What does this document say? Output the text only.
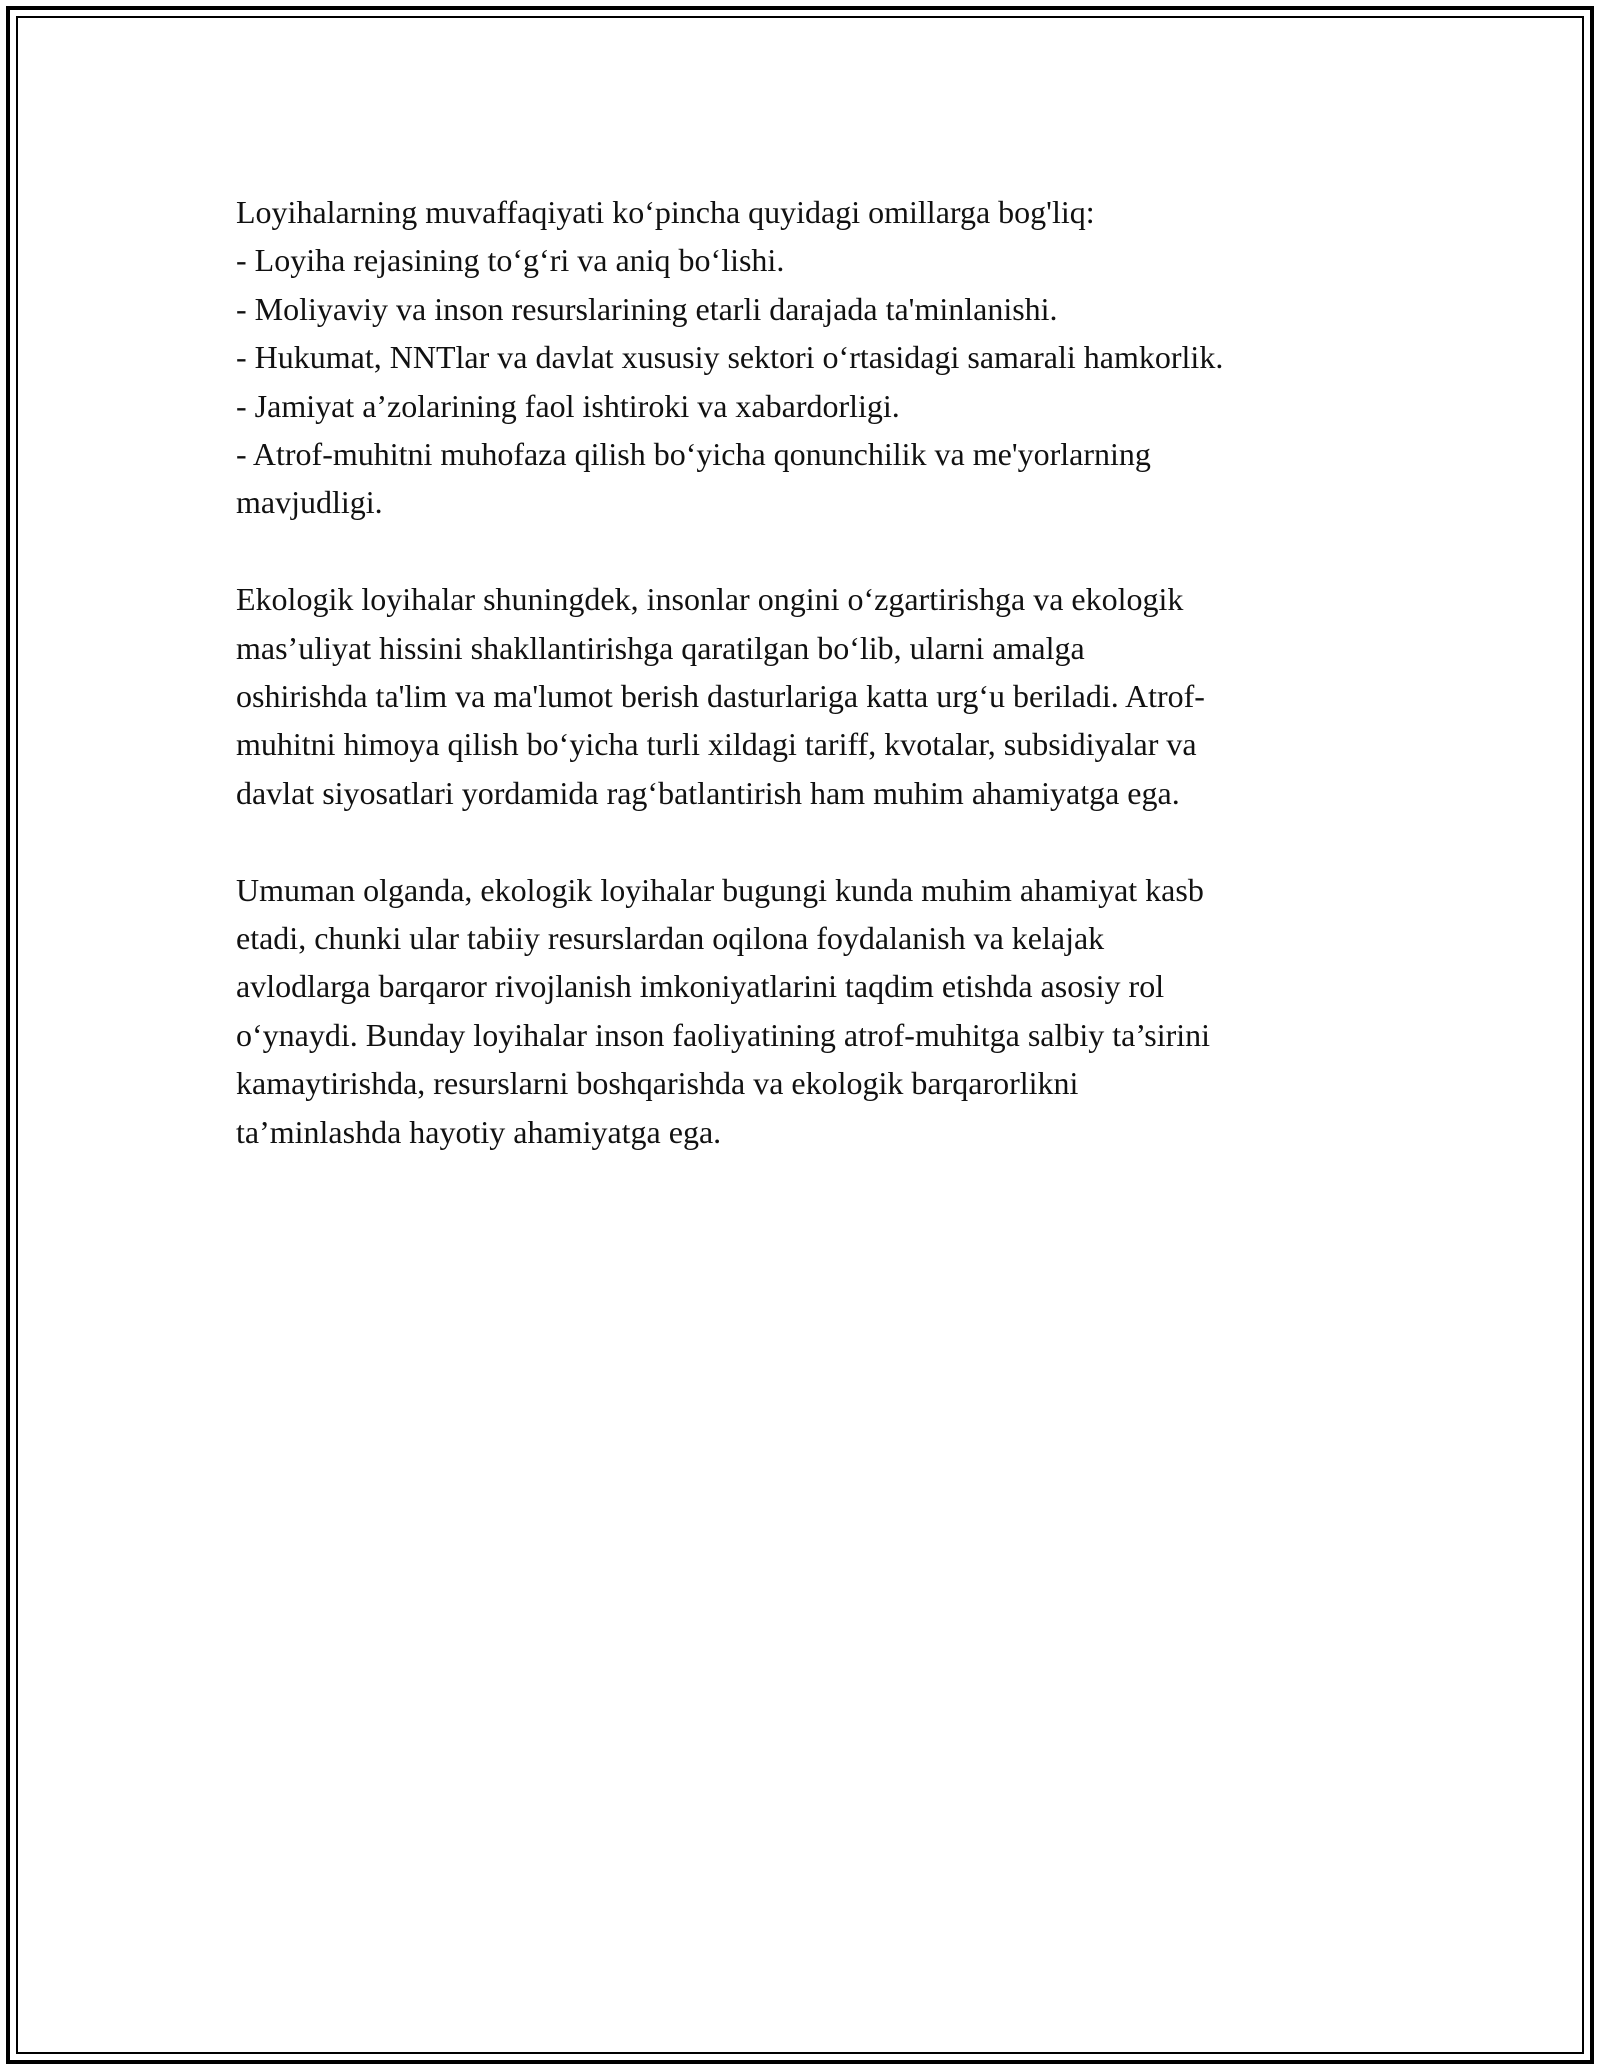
Loyihalarning muvaffaqiyati ko‘pincha quyidagi omillarga bog'liq:
- Loyiha rejasining to‘g‘ri va aniq bo‘lishi.
- Moliyaviy va inson resurslarining etarli darajada ta'minlanishi.
- Hukumat, NNTlar va davlat xususiy sektori o‘rtasidagi samarali hamkorlik.
- Jamiyat a’zolarining faol ishtiroki va xabardorligi.
- Atrof-muhitni muhofaza qilish bo‘yicha qonunchilik va me'yorlarning
mavjudligi.
Ekologik loyihalar shuningdek, insonlar ongini o‘zgartirishga va ekologik
mas’uliyat hissini shakllantirishga qaratilgan bo‘lib, ularni amalga
oshirishda ta'lim va ma'lumot berish dasturlariga katta urg‘u beriladi. Atrof-
muhitni himoya qilish bo‘yicha turli xildagi tariff, kvotalar, subsidiyalar va
davlat siyosatlari yordamida rag‘batlantirish ham muhim ahamiyatga ega.
Umuman olganda, ekologik loyihalar bugungi kunda muhim ahamiyat kasb
etadi, chunki ular tabiiy resurslardan oqilona foydalanish va kelajak
avlodlarga barqaror rivojlanish imkoniyatlarini taqdim etishda asosiy rol
o‘ynaydi. Bunday loyihalar inson faoliyatining atrof-muhitga salbiy ta’sirini
kamaytirishda, resurslarni boshqarishda va ekologik barqarorlikni
ta’minlashda hayotiy ahamiyatga ega.
